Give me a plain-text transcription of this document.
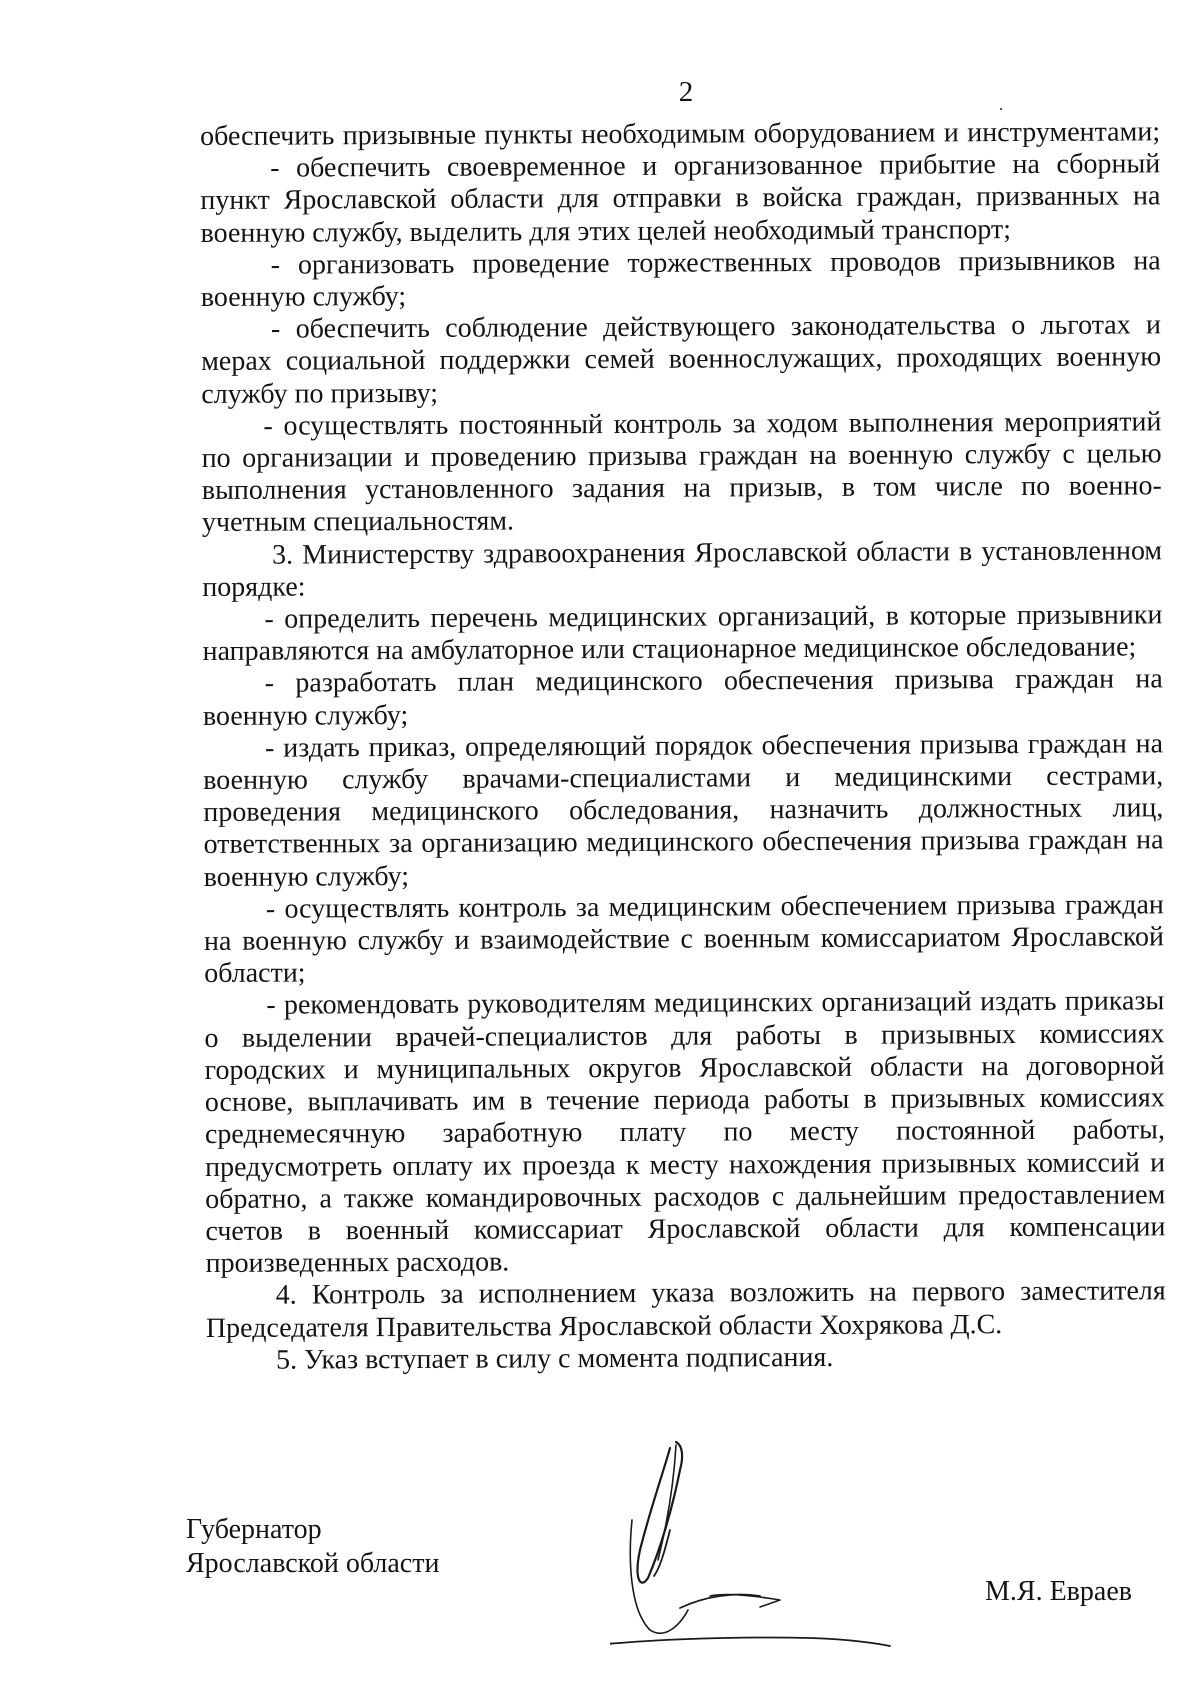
2

обеспечить призывные пункты необходимым оборудованием и инструментами;

- обеспечить своевременное и организованное прибытие на сборный пункт Ярославской области для отправки в войска граждан, призванных на военную службу, выделить для этих целей необходимый транспорт;

- организовать проведение торжественных проводов призывников на военную службу;

- обеспечить соблюдение действующего законодательства о льготах и мерах социальной поддержки семей военнослужащих, проходящих военную службу по призыву;

- осуществлять постоянный контроль за ходом выполнения мероприятий по организации и проведению призыва граждан на военную службу с целью выполнения установленного задания на призыв, в том числе по военно-учетным специальностям.

3. Министерству здравоохранения Ярославской области в установленном порядке:

- определить перечень медицинских организаций, в которые призывники направляются на амбулаторное или стационарное медицинское обследование;

- разработать план медицинского обеспечения призыва граждан на военную службу;

- издать приказ, определяющий порядок обеспечения призыва граждан на военную службу врачами-специалистами и медицинскими сестрами, проведения медицинского обследования, назначить должностных лиц, ответственных за организацию медицинского обеспечения призыва граждан на военную службу;

- осуществлять контроль за медицинским обеспечением призыва граждан на военную службу и взаимодействие с военным комиссариатом Ярославской области;

- рекомендовать руководителям медицинских организаций издать приказы о выделении врачей-специалистов для работы в призывных комиссиях городских и муниципальных округов Ярославской области на договорной основе, выплачивать им в течение периода работы в призывных комиссиях среднемесячную заработную плату по месту постоянной работы, предусмотреть оплату их проезда к месту нахождения призывных комиссий и обратно, а также командировочных расходов с дальнейшим предоставлением счетов в военный комиссариат Ярославской области для компенсации произведенных расходов.

4. Контроль за исполнением указа возложить на первого заместителя Председателя Правительства Ярославской области Хохрякова Д.С.

5. Указ вступает в силу с момента подписания.

Губернатор
Ярославской области
М.Я. Евраев
